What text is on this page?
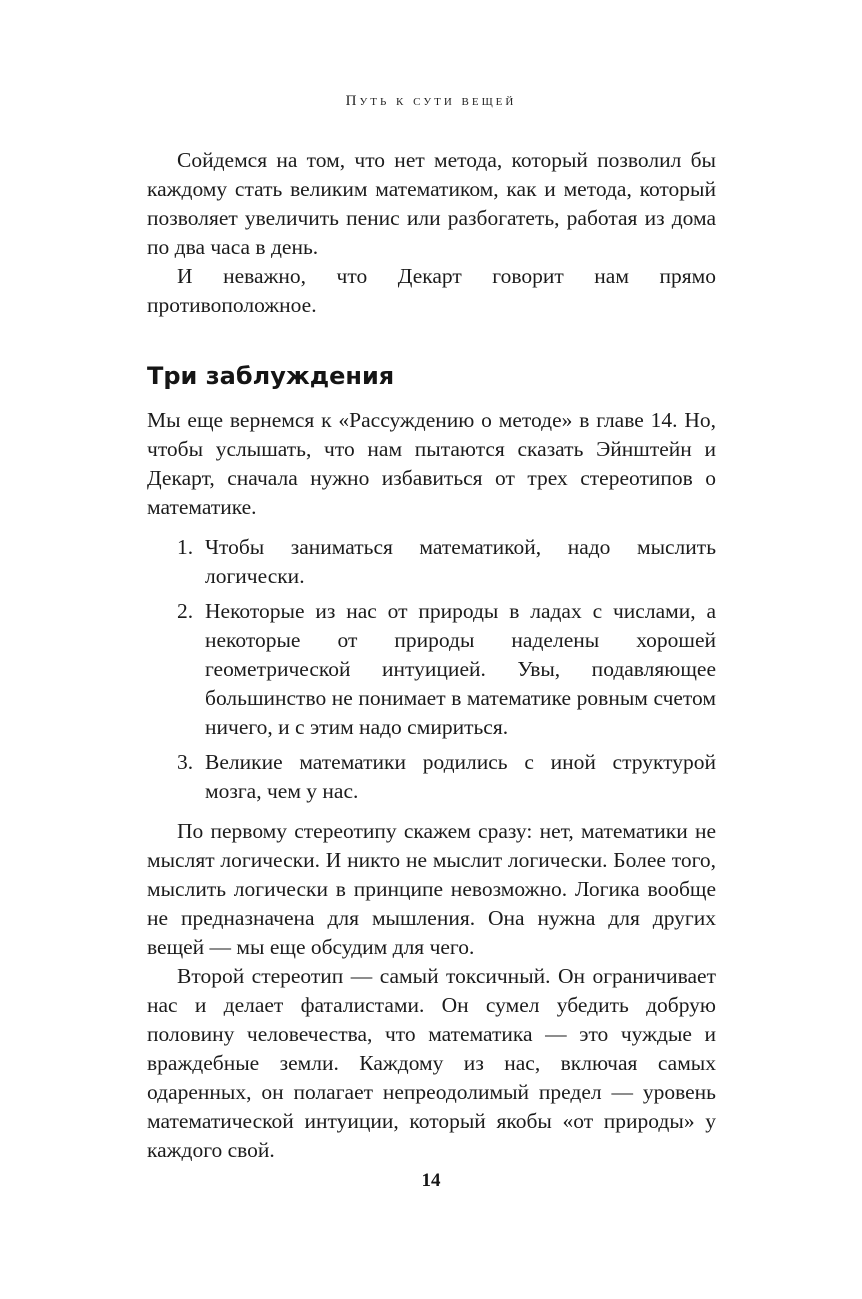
Путь к сути вещей

Сойдемся на том, что нет метода, который позволил бы каждому стать великим математиком, как и метода, который позволяет увеличить пенис или разбогатеть, работая из дома по два часа в день.

И неважно, что Декарт говорит нам прямо противоположное.

Три заблуждения

Мы еще вернемся к «Рассуждению о методе» в главе 14. Но, чтобы услышать, что нам пытаются сказать Эйнштейн и Декарт, сначала нужно избавиться от трех стереотипов о математике.

1. Чтобы заниматься математикой, надо мыслить логически.
2. Некоторые из нас от природы в ладах с числами, а некоторые от природы наделены хорошей геометрической интуицией. Увы, подавляющее большинство не понимает в математике ровным счетом ничего, и с этим надо смириться.
3. Великие математики родились с иной структурой мозга, чем у нас.

По первому стереотипу скажем сразу: нет, математики не мыслят логически. И никто не мыслит логически. Более того, мыслить логически в принципе невозможно. Логика вообще не предназначена для мышления. Она нужна для других вещей — мы еще обсудим для чего.

Второй стереотип — самый токсичный. Он ограничивает нас и делает фаталистами. Он сумел убедить добрую половину человечества, что математика — это чуждые и враждебные земли. Каждому из нас, включая самых одаренных, он полагает непреодолимый предел — уровень математической интуиции, который якобы «от природы» у каждого свой.

14
